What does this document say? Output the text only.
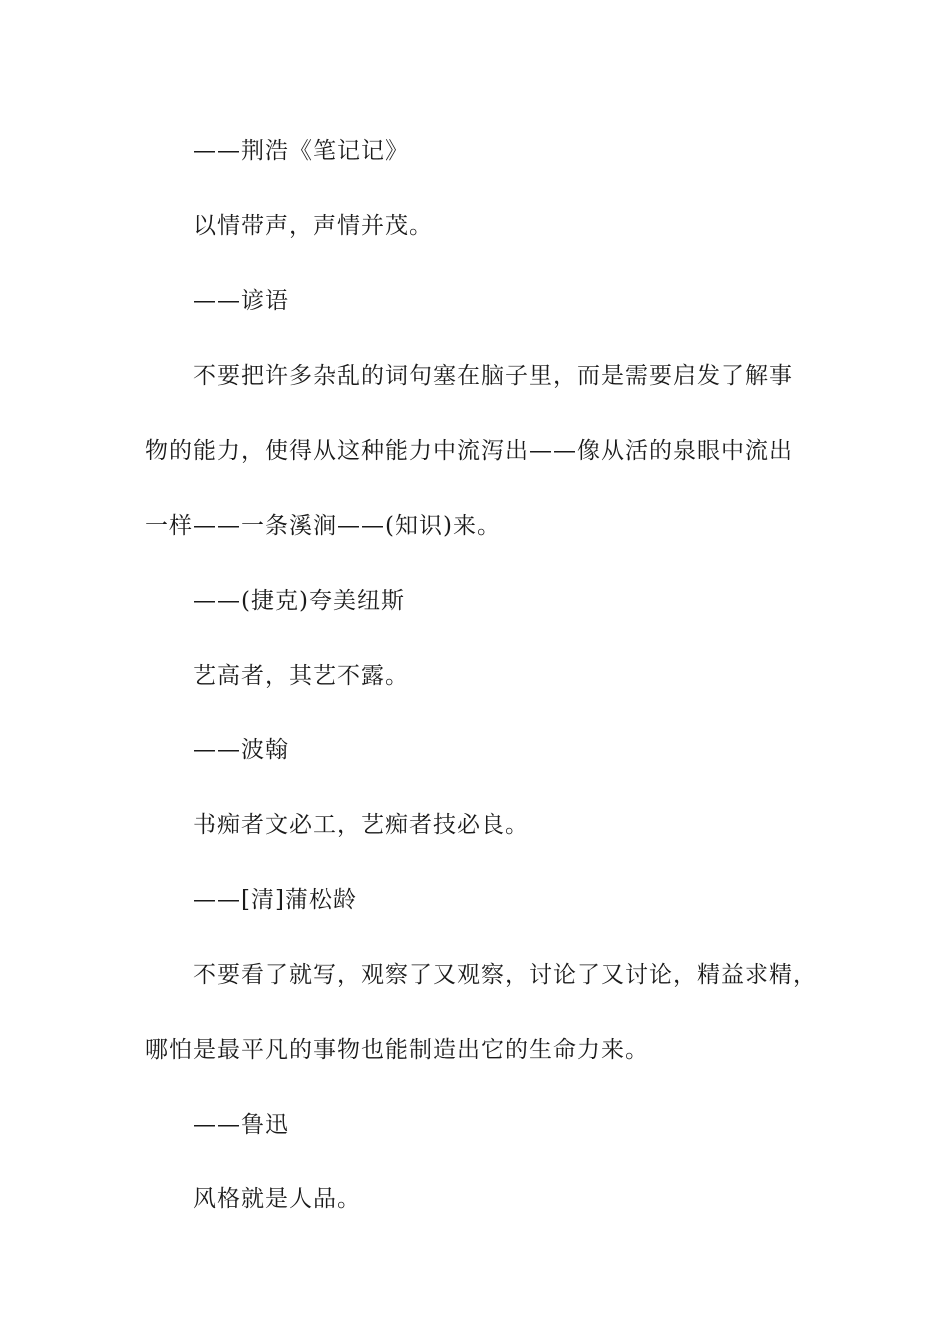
——荆浩《笔记记》
以情带声，声情并茂。
——谚语
不要把许多杂乱的词句塞在脑子里，而是需要启发了解事
物的能力，使得从这种能力中流泻出——像从活的泉眼中流出
一样——一条溪涧——(知识)来。
——(捷克)夸美纽斯
艺高者，其艺不露。
——波翰
书痴者文必工，艺痴者技必良。
——[清]蒲松龄
不要看了就写，观察了又观察，讨论了又讨论，精益求精，
哪怕是最平凡的事物也能制造出它的生命力来。
——鲁迅
风格就是人品。
